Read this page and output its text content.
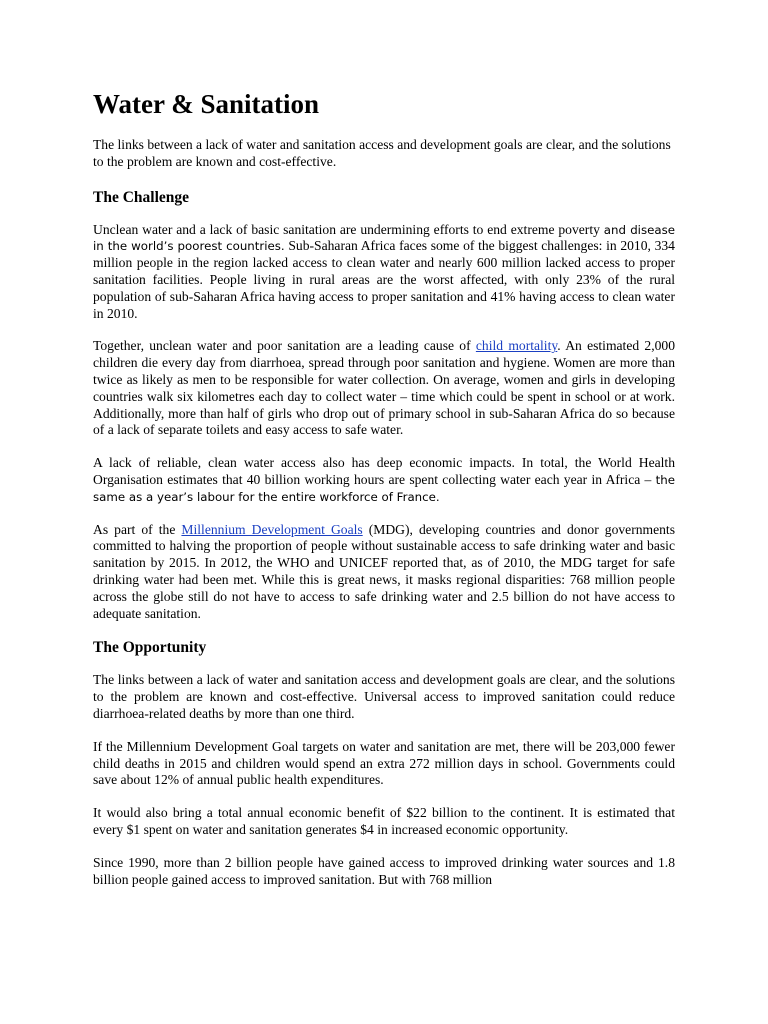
Water & Sanitation

The links between a lack of water and sanitation access and development goals are clear, and the solutions to the problem are known and cost-effective.

The Challenge

Unclean water and a lack of basic sanitation are undermining efforts to end extreme poverty and disease in the world’s poorest countries. Sub-Saharan Africa faces some of the biggest challenges: in 2010, 334 million people in the region lacked access to clean water and nearly 600 million lacked access to proper sanitation facilities. People living in rural areas are the worst affected, with only 23% of the rural population of sub-Saharan Africa having access to proper sanitation and 41% having access to clean water in 2010.

Together, unclean water and poor sanitation are a leading cause of child mortality. An estimated 2,000 children die every day from diarrhoea, spread through poor sanitation and hygiene. Women are more than twice as likely as men to be responsible for water collection. On average, women and girls in developing countries walk six kilometres each day to collect water – time which could be spent in school or at work. Additionally, more than half of girls who drop out of primary school in sub-Saharan Africa do so because of a lack of separate toilets and easy access to safe water.

A lack of reliable, clean water access also has deep economic impacts. In total, the World Health Organisation estimates that 40 billion working hours are spent collecting water each year in Africa – the same as a year’s labour for the entire workforce of France.

As part of the Millennium Development Goals (MDG), developing countries and donor governments committed to halving the proportion of people without sustainable access to safe drinking water and basic sanitation by 2015. In 2012, the WHO and UNICEF reported that, as of 2010, the MDG target for safe drinking water had been met. While this is great news, it masks regional disparities: 768 million people across the globe still do not have to access to safe drinking water and 2.5 billion do not have access to adequate sanitation.

The Opportunity

The links between a lack of water and sanitation access and development goals are clear, and the solutions to the problem are known and cost-effective. Universal access to improved sanitation could reduce diarrhoea-related deaths by more than one third.

If the Millennium Development Goal targets on water and sanitation are met, there will be 203,000 fewer child deaths in 2015 and children would spend an extra 272 million days in school. Governments could save about 12% of annual public health expenditures.

It would also bring a total annual economic benefit of $22 billion to the continent. It is estimated that every $1 spent on water and sanitation generates $4 in increased economic opportunity.

Since 1990, more than 2 billion people have gained access to improved drinking water sources and 1.8 billion people gained access to improved sanitation. But with 768 million
